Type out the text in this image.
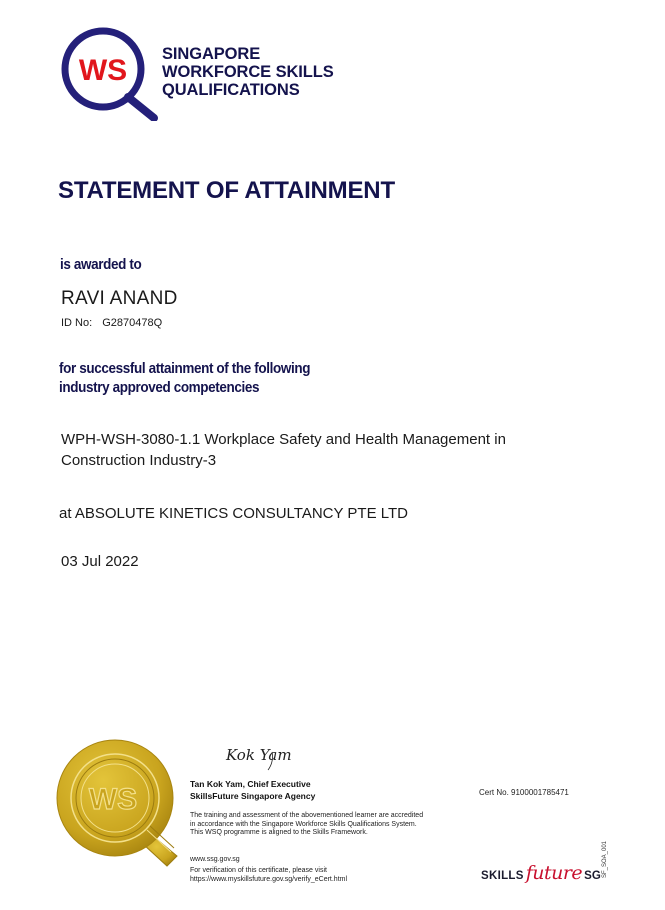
WS SINGAPORE
WORKFORCE SKILLS
QUALIFICATIONS
STATEMENT OF ATTAINMENT
is awarded to
RAVI ANAND
ID No: G2870478Q
for successful attainment of the following
industry approved competencies
WPH-WSH-3080-1.1 Workplace Safety and Health Management in
Construction Industry-3
at ABSOLUTE KINETICS CONSULTANCY PTE LTD
03 Jul 2022
WS
Kok Yam
Tan Kok Yam, Chief Executive
SkillsFuture Singapore Agency
The training and assessment of the abovementioned learner are accredited
in accordance with the Singapore Workforce Skills Qualifications System.
This WSQ programme is aligned to the Skills Framework.
www.ssg.gov.sg
For verification of this certificate, please visit
https://www.myskillsfuture.gov.sg/verify_eCert.html
Cert No. 9100001785471
SKILLS future SG SF_SOA_001
